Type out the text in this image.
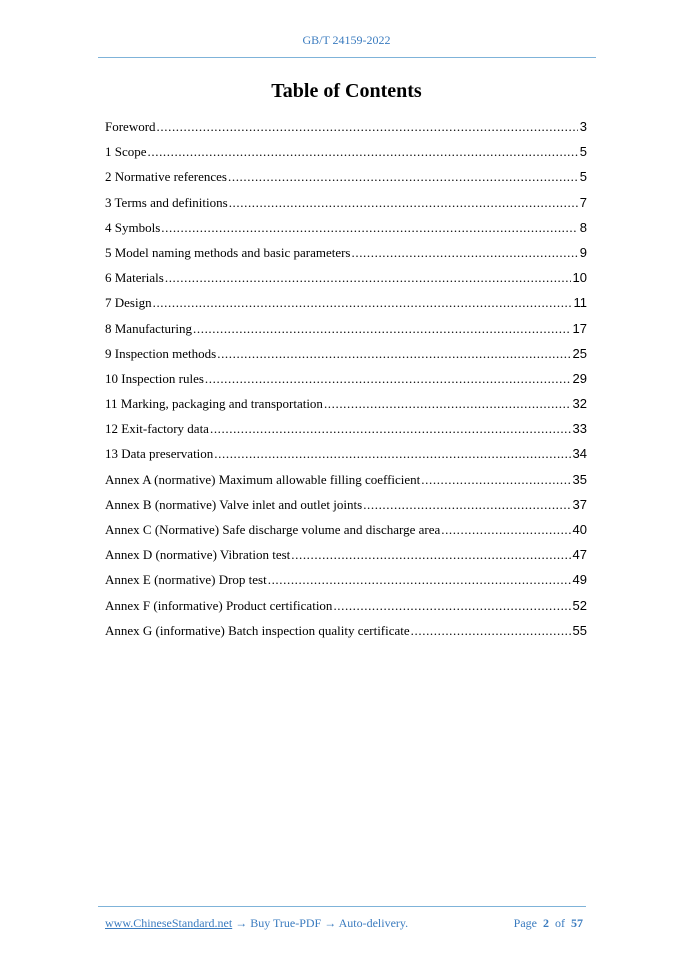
GB/T 24159-2022
Table of Contents
Foreword .....	3
1 Scope .....	5
2 Normative references .....	5
3 Terms and definitions .....	7
4 Symbols .....	8
5 Model naming methods and basic parameters .....	9
6 Materials .....	10
7 Design .....	11
8 Manufacturing .....	17
9 Inspection methods .....	25
10 Inspection rules .....	29
11 Marking, packaging and transportation .....	32
12 Exit-factory data .....	33
13 Data preservation .....	34
Annex A (normative) Maximum allowable filling coefficient .....	35
Annex B (normative) Valve inlet and outlet joints .....	37
Annex C (Normative) Safe discharge volume and discharge area .....	40
Annex D (normative) Vibration test .....	47
Annex E (normative) Drop test .....	49
Annex F (informative) Product certification .....	52
Annex G (informative) Batch inspection quality certificate .....	55
www.ChineseStandard.net → Buy True-PDF → Auto-delivery.	Page 2 of 57
